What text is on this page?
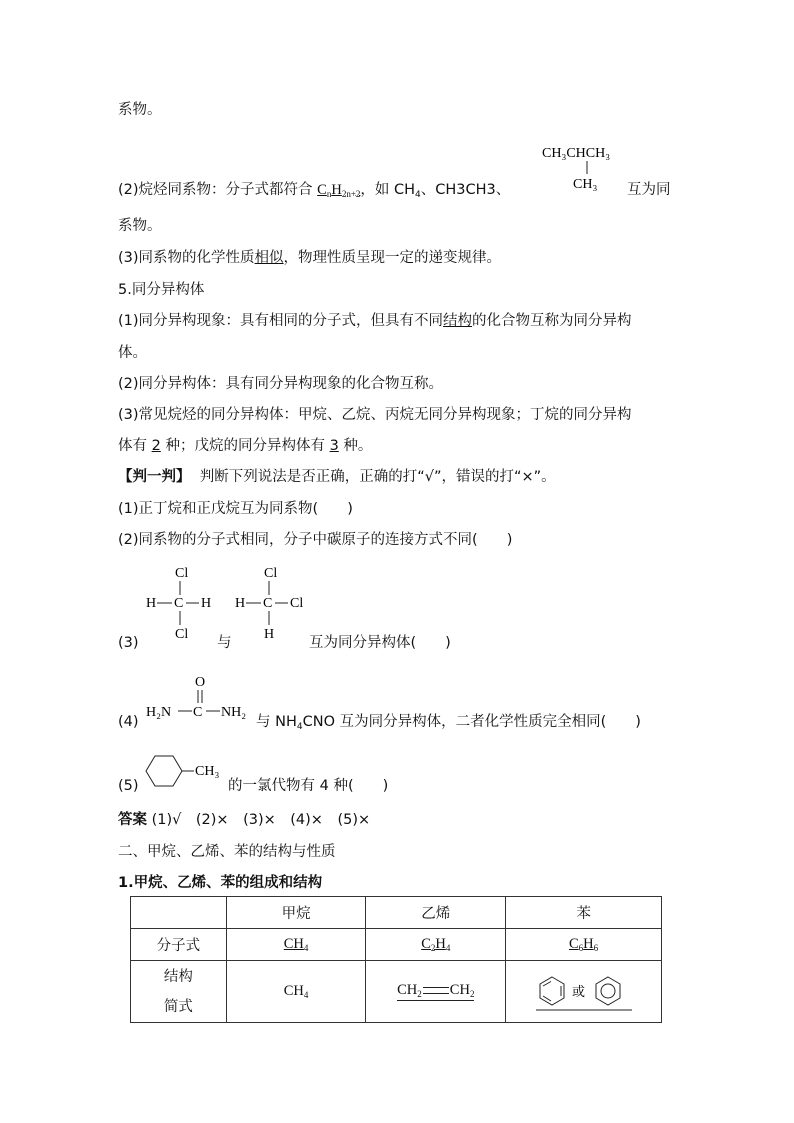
系物。
CH₃CHCH₃
CH₃
(2)烷烃同系物：分子式都符合 $C_nH_{2n+2}$，如 $CH_4$、CH3CH3、	互为同
系物。
(3)同系物的化学性质相似，物理性质呈现一定的递变规律。
5.同分异构体
(1)同分异构现象：具有相同的分子式，但具有不同结构的化合物互称为同分异构
体。
(2)同分异构体：具有同分异构现象的化合物互称。
(3)常见烷烃的同分异构体：甲烷、乙烷、丙烷无同分异构现象；丁烷的同分异构
体有 2 种；戊烷的同分异构体有 3 种。
【判一判】 判断下列说法是否正确，正确的打“√”，错误的打“×”。
(1)正丁烷和正戊烷互为同系物(　　)
(2)同系物的分子式相同，分子中碳原子的连接方式不同(　　)
Cl
H C H
Cl
Cl
H C Cl
H
(3)	与	互为同分异构体(　　)
(4)
O
H₂N C NH₂
与 $NH_4CNO$ 互为同分异构体，二者化学性质完全相同(　　)
(5)
CH₃
的一氯代物有 4 种(　　)
答案 (1)√　(2)×　(3)×　(4)×　(5)×
二、甲烷、乙烯、苯的结构与性质
1.甲烷、乙烯、苯的组成和结构
	甲烷	乙烯	苯
分子式	$CH_4$	$C_2H_4$	$C_6H_6$

结构
简式	$CH_4$	$CH_2$ $CH_2$	或
